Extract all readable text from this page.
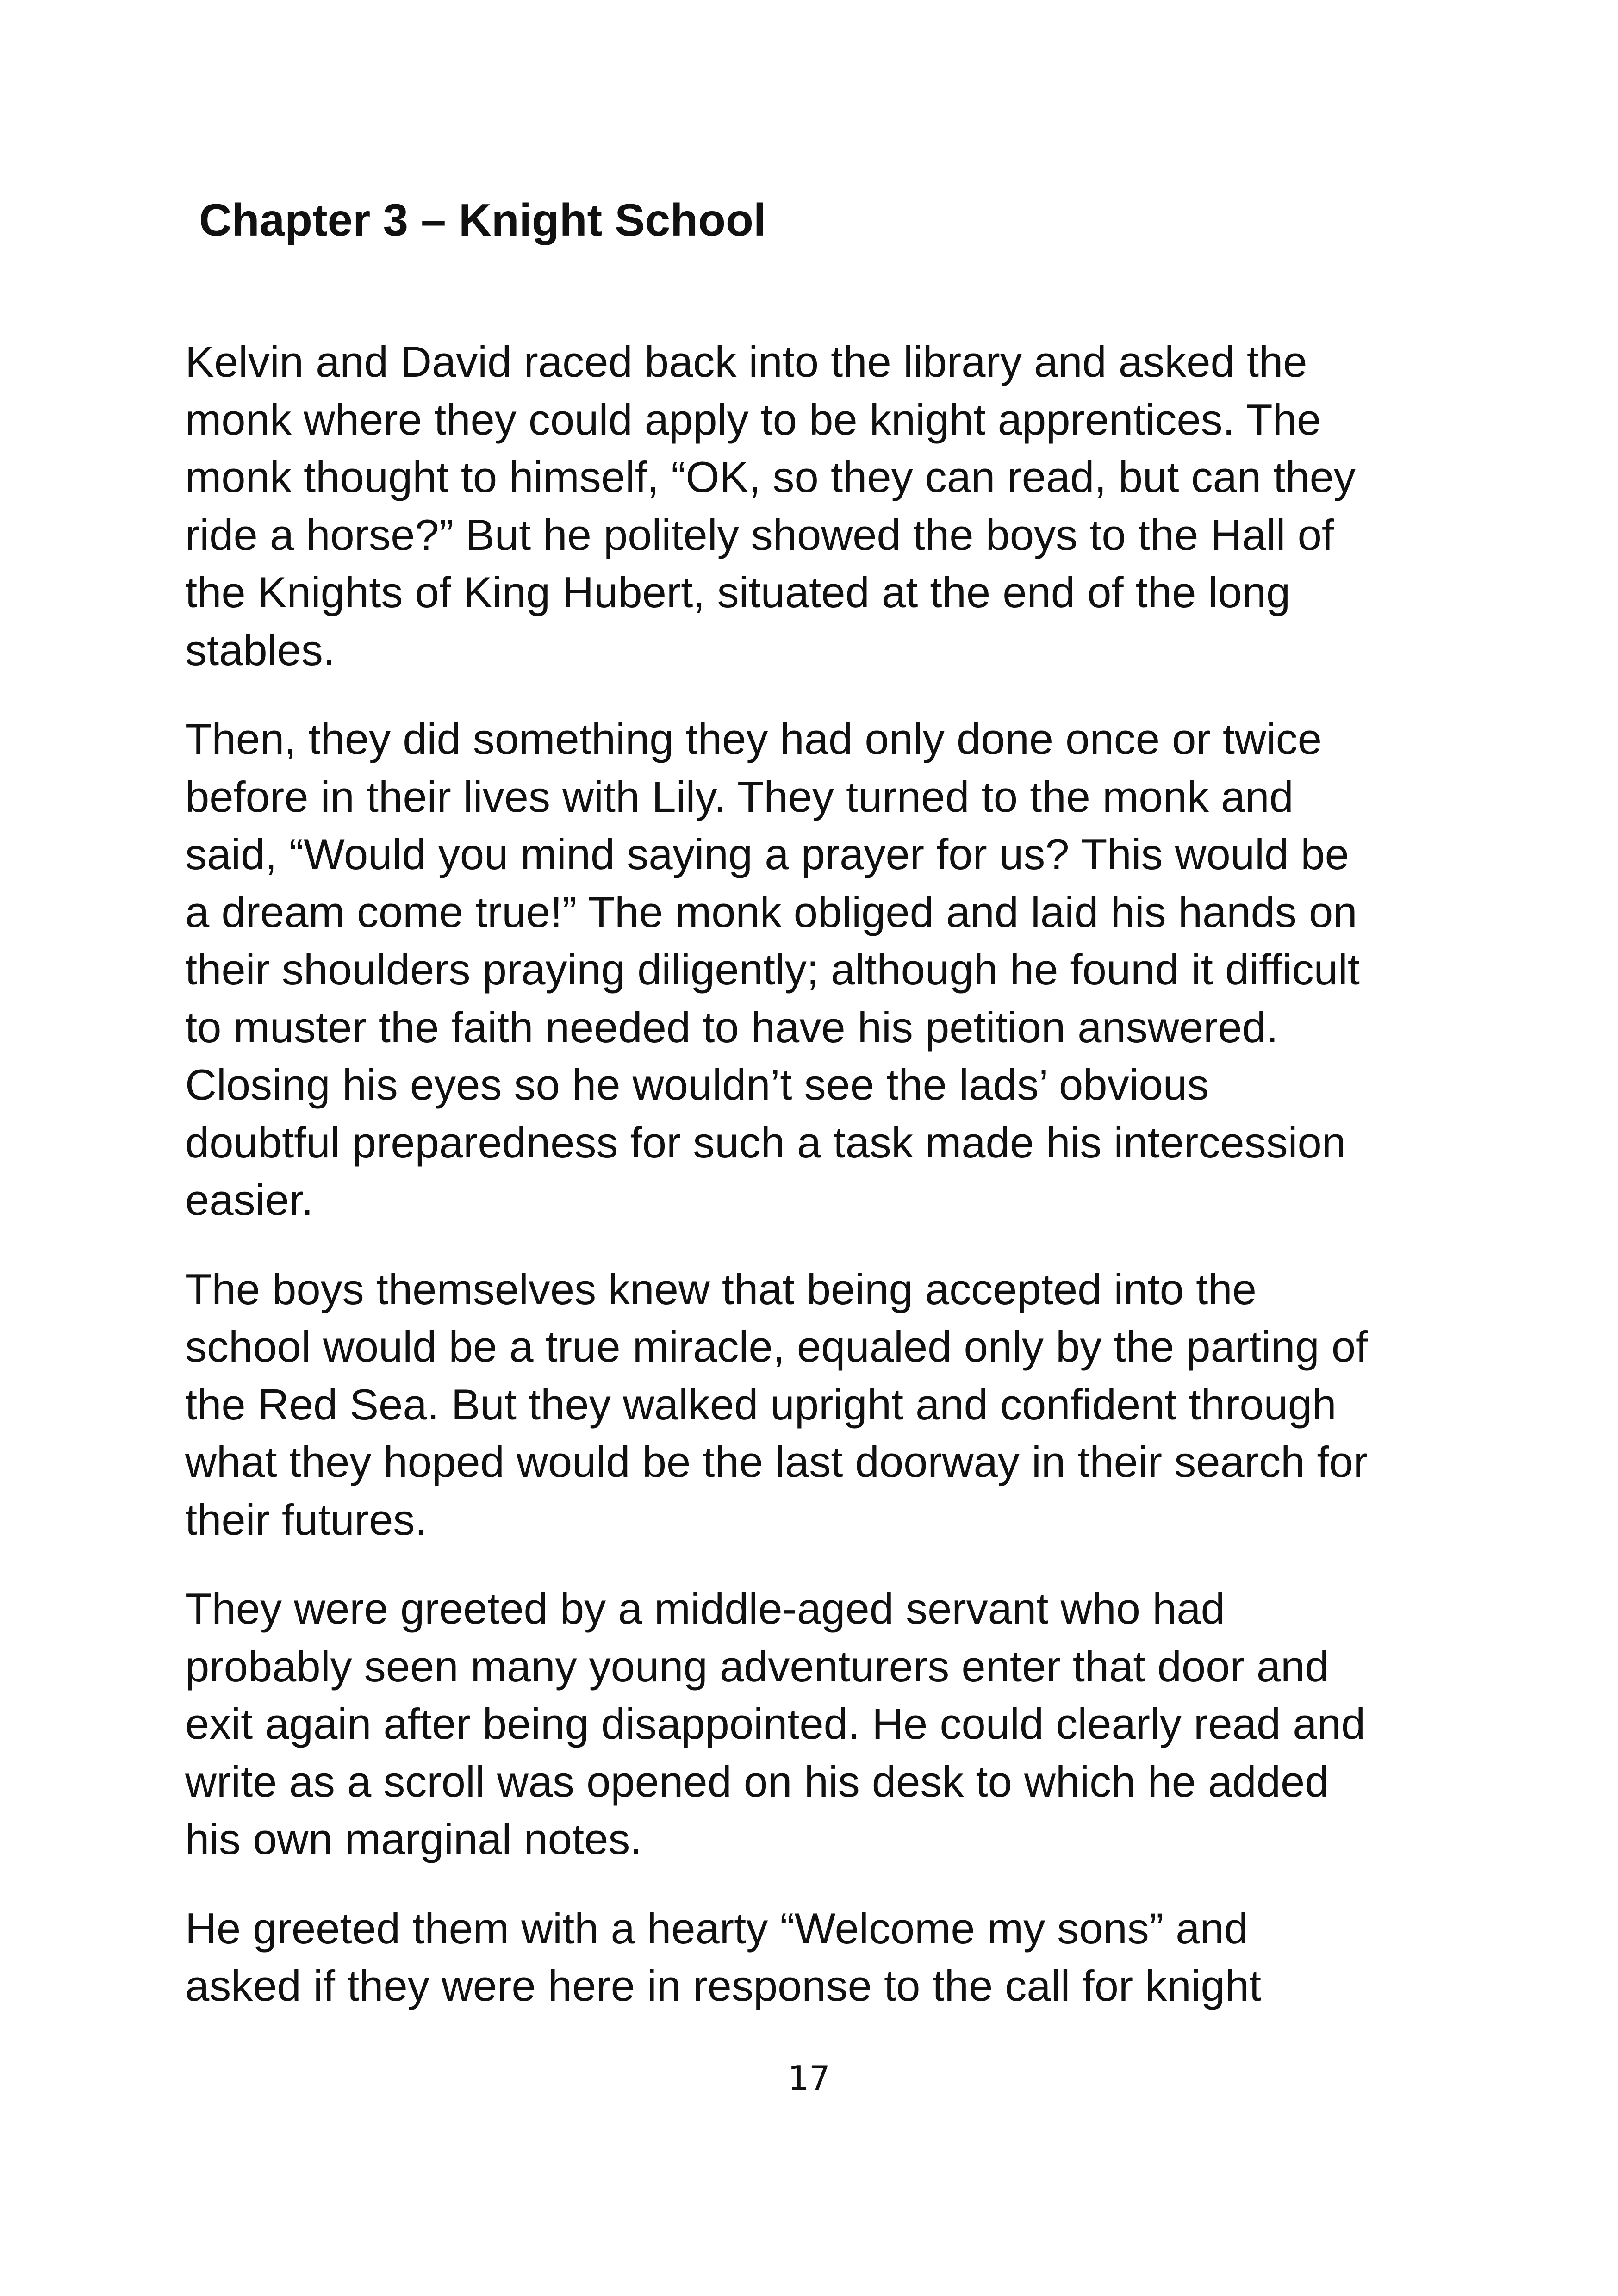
Chapter 3 – Knight School

Kelvin and David raced back into the library and asked the
monk where they could apply to be knight apprentices. The
monk thought to himself, “OK, so they can read, but can they
ride a horse?” But he politely showed the boys to the Hall of
the Knights of King Hubert, situated at the end of the long
stables.

Then, they did something they had only done once or twice
before in their lives with Lily. They turned to the monk and
said, “Would you mind saying a prayer for us? This would be
a dream come true!” The monk obliged and laid his hands on
their shoulders praying diligently; although he found it difficult
to muster the faith needed to have his petition answered.
Closing his eyes so he wouldn’t see the lads’ obvious
doubtful preparedness for such a task made his intercession
easier.

The boys themselves knew that being accepted into the
school would be a true miracle, equaled only by the parting of
the Red Sea. But they walked upright and confident through
what they hoped would be the last doorway in their search for
their futures.

They were greeted by a middle-aged servant who had
probably seen many young adventurers enter that door and
exit again after being disappointed. He could clearly read and
write as a scroll was opened on his desk to which he added
his own marginal notes.

He greeted them with a hearty “Welcome my sons” and
asked if they were here in response to the call for knight

17
